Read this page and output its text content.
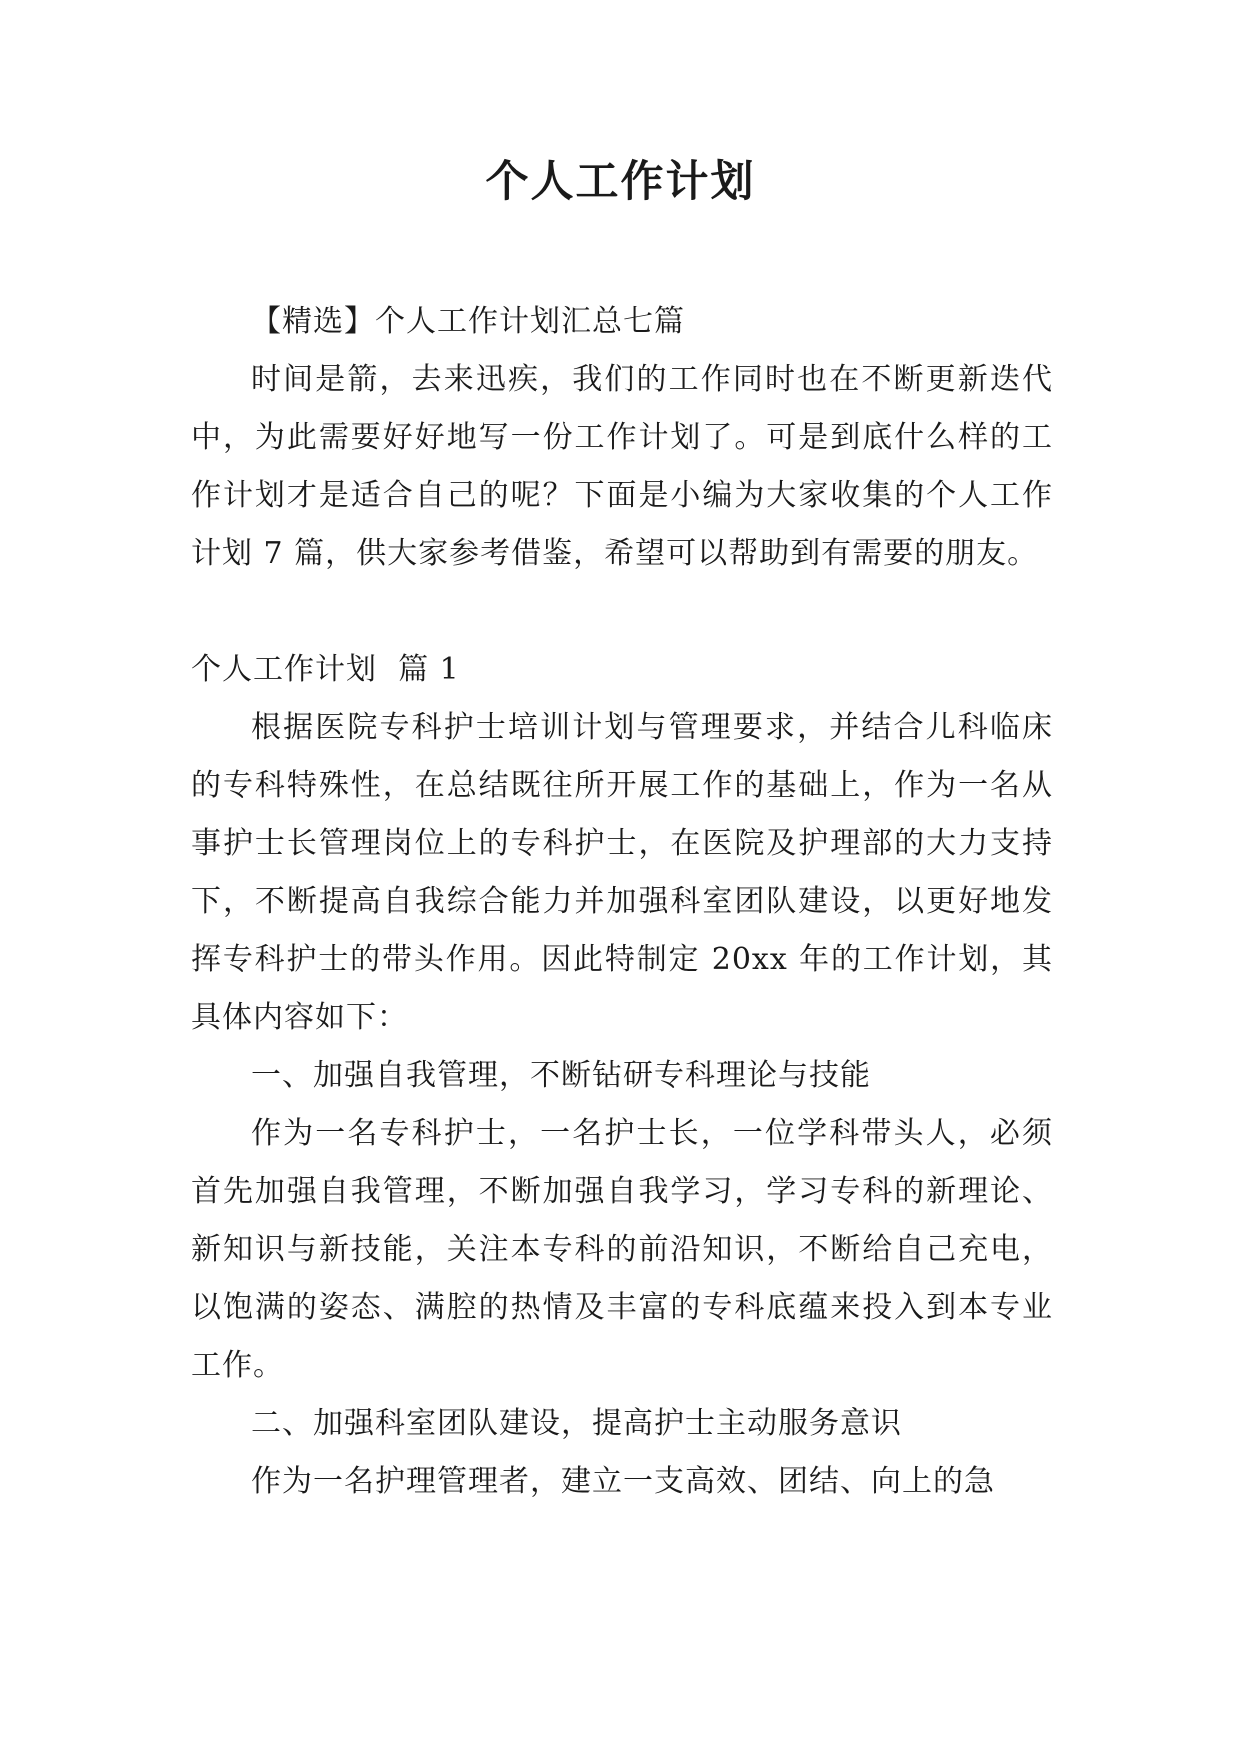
个人工作计划

【精选】个人工作计划汇总七篇

时间是箭，去来迅疾，我们的工作同时也在不断更新迭代中，为此需要好好地写一份工作计划了。可是到底什么样的工作计划才是适合自己的呢？下面是小编为大家收集的个人工作计划 7 篇，供大家参考借鉴，希望可以帮助到有需要的朋友。

个人工作计划  篇 1

根据医院专科护士培训计划与管理要求，并结合儿科临床的专科特殊性，在总结既往所开展工作的基础上，作为一名从事护士长管理岗位上的专科护士，在医院及护理部的大力支持下，不断提高自我综合能力并加强科室团队建设，以更好地发挥专科护士的带头作用。因此特制定 20xx 年的工作计划，其具体内容如下：

一、加强自我管理，不断钻研专科理论与技能

作为一名专科护士，一名护士长，一位学科带头人，必须首先加强自我管理，不断加强自我学习，学习专科的新理论、新知识与新技能，关注本专科的前沿知识，不断给自己充电，以饱满的姿态、满腔的热情及丰富的专科底蕴来投入到本专业工作。

二、加强科室团队建设，提高护士主动服务意识

作为一名护理管理者，建立一支高效、团结、向上的急
